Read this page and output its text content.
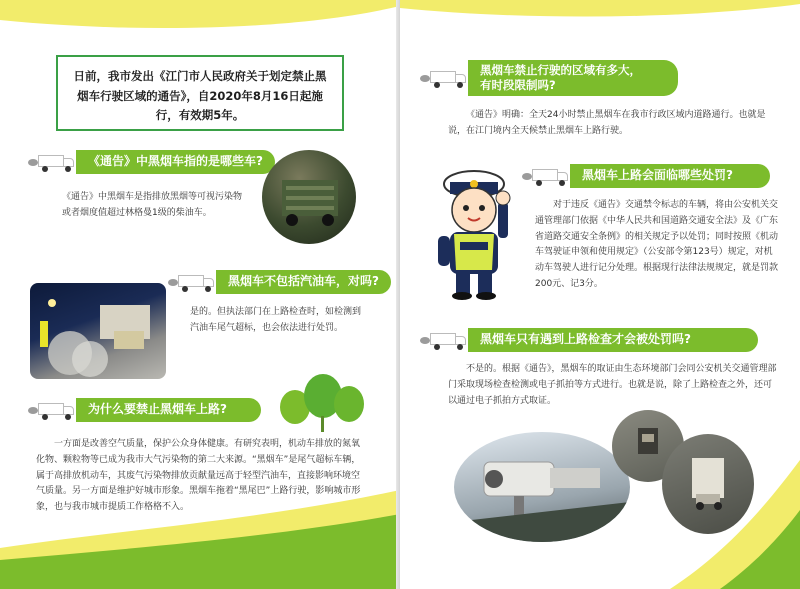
日前，我市发出《江门市人民政府关于划定禁止黑烟车行驶区域的通告》，自2020年8月16日起施行，有效期5年。
《通告》中黑烟车指的是哪些车?
《通告》中黑烟车是指排放黑烟等可视污染物或者烟度值超过林格曼1级的柴油车。
黑烟车不包括汽油车，对吗?
是的。但执法部门在上路检查时，如检测到汽油车尾气超标，也会依法进行处罚。
为什么要禁止黑烟车上路?
一方面是改善空气质量，保护公众身体健康。有研究表明，机动车排放的氮氧化物、颗粒物等已成为我市大气污染物的第二大来源。“黑烟车”是尾气超标车辆，属于高排放机动车，其废气污染物排放贡献量远高于轻型汽油车，直接影响环境空气质量。另一方面是维护好城市形象。黑烟车拖着“黑尾巴”上路行驶，影响城市形象，也与我市城市提质工作格格不入。
黑烟车禁止行驶的区域有多大，
有时段限制吗?
《通告》明确：全天24小时禁止黑烟车在我市行政区域内道路通行。也就是说，在江门境内全天候禁止黑烟车上路行驶。
黑烟车上路会面临哪些处罚?
对于违反《通告》交通禁令标志的车辆，将由公安机关交通管理部门依据《中华人民共和国道路交通安全法》及《广东省道路交通安全条例》的相关规定予以处罚；同时按照《机动车驾驶证申领和使用规定》（公安部令第123号）规定，对机动车驾驶人进行记分处理。根据现行法律法规规定，就是罚款200元、记3分。
黑烟车只有遇到上路检查才会被处罚吗?
不是的。根据《通告》，黑烟车的取证由生态环境部门会同公安机关交通管理部门采取现场检查检测或电子抓拍等方式进行。也就是说，除了上路检查之外，还可以通过电子抓拍方式取证。
